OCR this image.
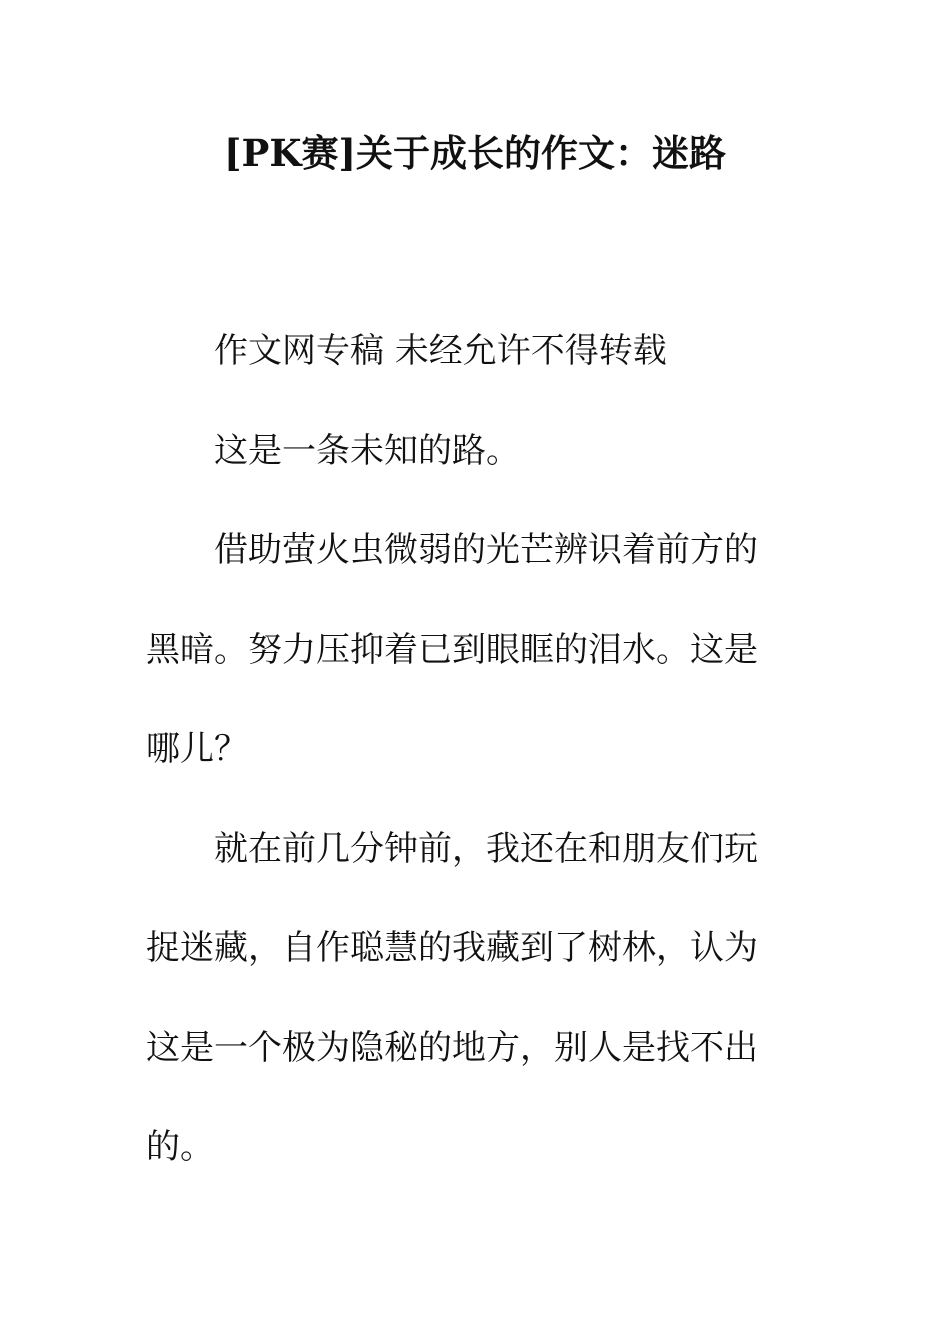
[PK赛]关于成长的作文：迷路

作文网专稿 未经允许不得转载

这是一条未知的路。

借助萤火虫微弱的光芒辨识着前方的黑暗。努力压抑着已到眼眶的泪水。这是哪儿？

就在前几分钟前，我还在和朋友们玩捉迷藏，自作聪慧的我藏到了树林，认为这是一个极为隐秘的地方，别人是找不出的。
